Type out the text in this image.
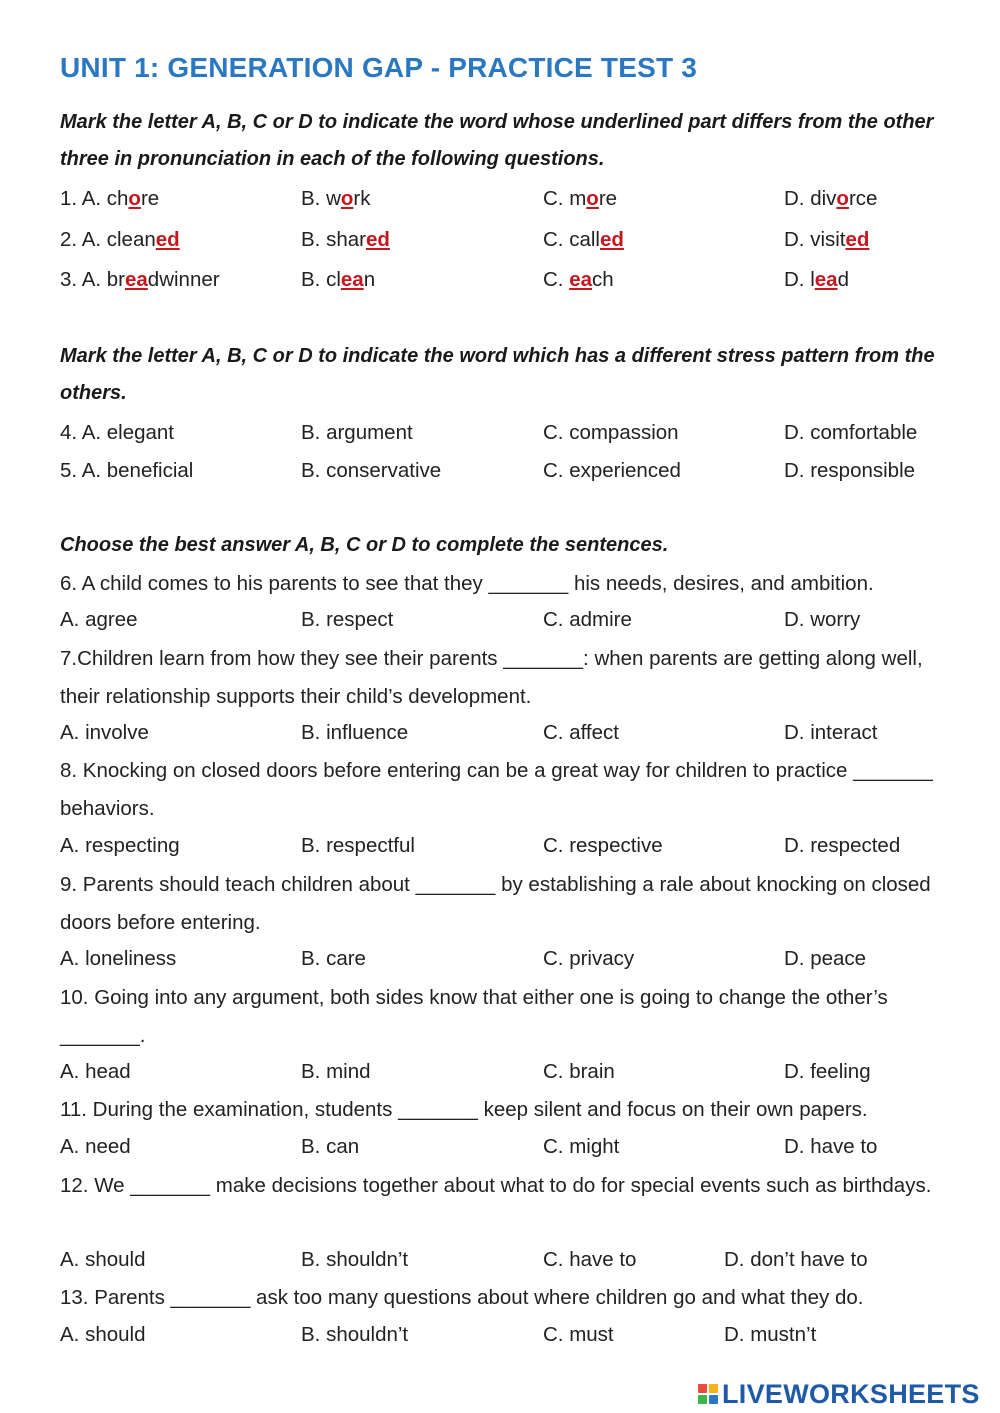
UNIT 1: GENERATION GAP - PRACTICE TEST 3

Mark the letter A, B, C or D to indicate the word whose underlined part differs from the other three in pronunciation in each of the following questions.

1. A. chore	B. work	C. more	D. divorce
2. A. cleaned	B. shared	C. called	D. visited
3. A. breadwinner	B. clean	C. each	D. lead

Mark the letter A, B, C or D to indicate the word which has a different stress pattern from the others.

4. A. elegant	B. argument	C. compassion	D. comfortable
5. A. beneficial	B. conservative	C. experienced	D. responsible

Choose the best answer A, B, C or D to complete the sentences.

6. A child comes to his parents to see that they _______ his needs, desires, and ambition.

A. agree	B. respect	C. admire	D. worry

7.Children learn from how they see their parents _______: when parents are getting along well, their relationship supports their child’s development.

A. involve	B. influence	C. affect	D. interact

8. Knocking on closed doors before entering can be a great way for children to practice _______ behaviors.

A. respecting	B. respectful	C. respective	D. respected

9. Parents should teach children about _______ by establishing a rale about knocking on closed doors before entering.

A. loneliness	B. care	C. privacy	D. peace

10. Going into any argument, both sides know that either one is going to change the other’s _______.

A. head	B. mind	C. brain	D. feeling

11. During the examination, students _______ keep silent and focus on their own papers.

A. need	B. can	C. might	D. have to

12. We _______ make decisions together about what to do for special events such as birthdays.

A. should	B. shouldn’t	C. have to	D. don’t have to

13. Parents _______ ask too many questions about where children go and what they do.

A. should	B. shouldn’t	C. must	D. mustn’t
LIVEWORKSHEETS
